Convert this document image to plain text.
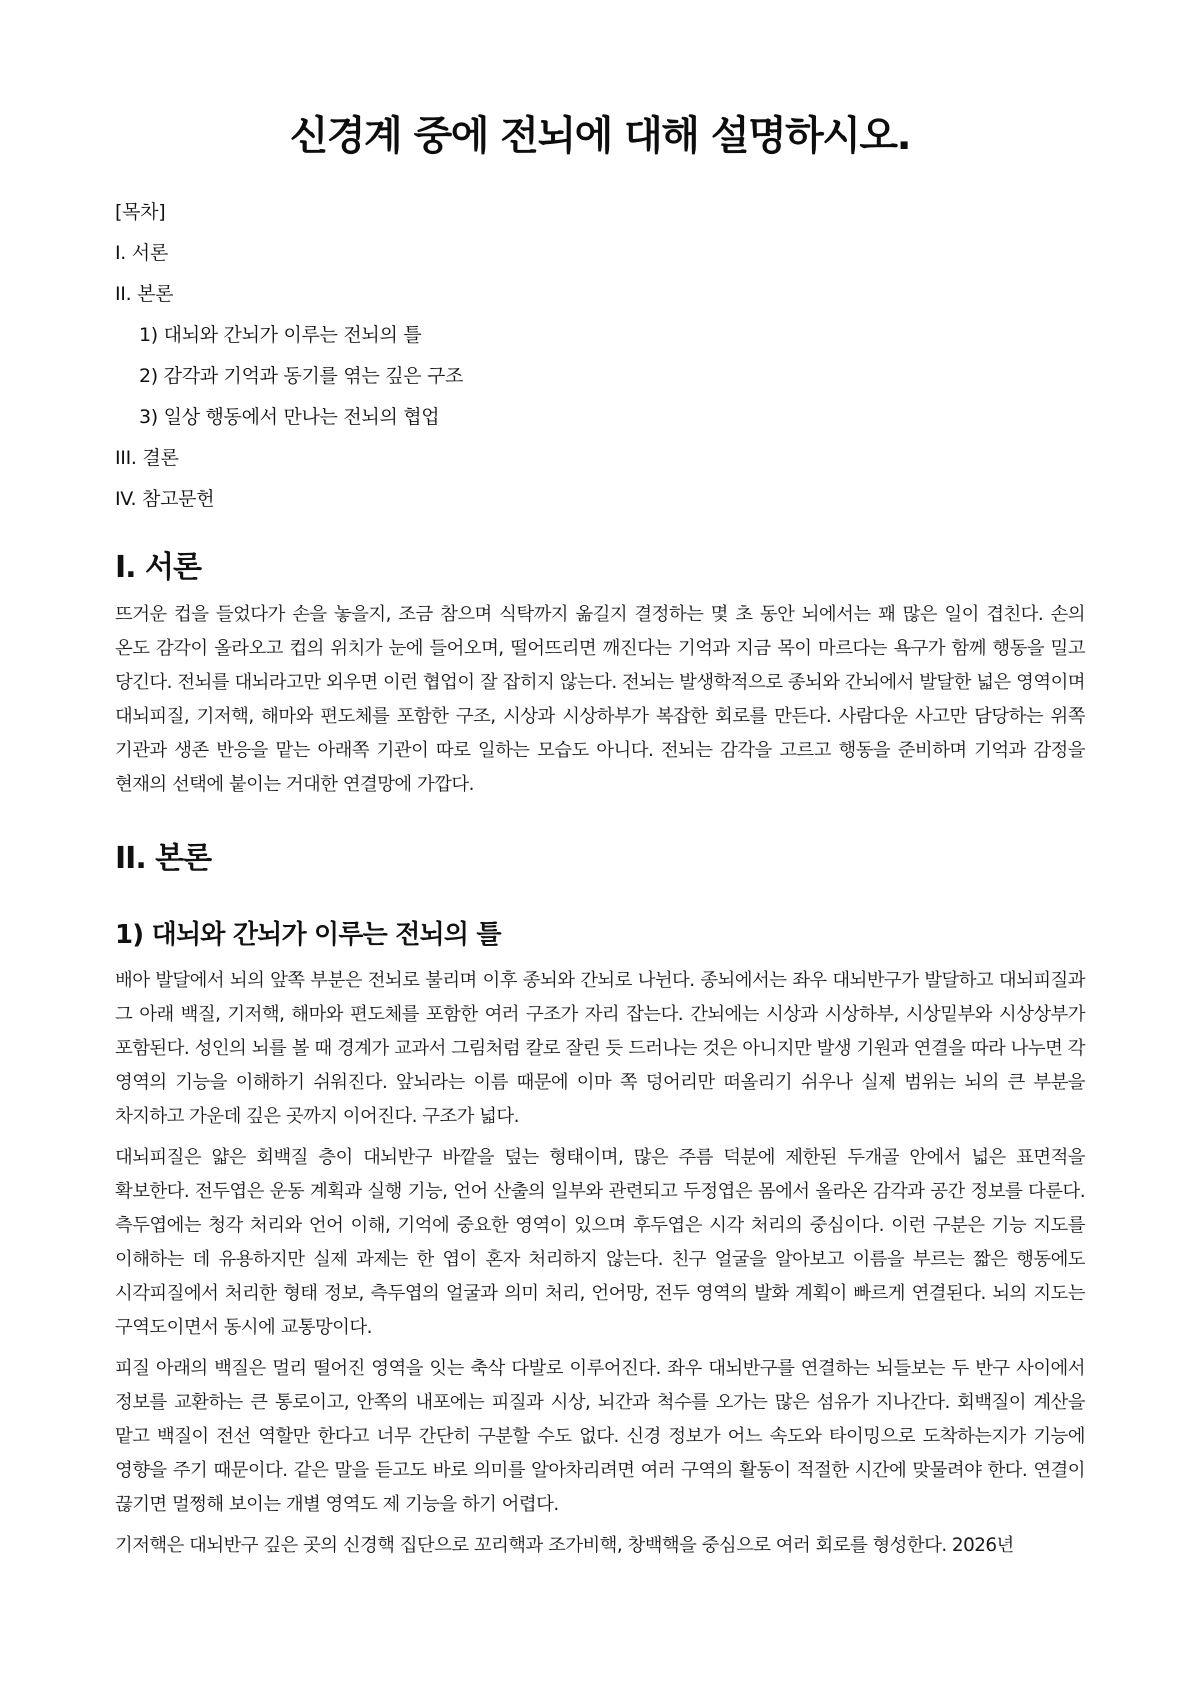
신경계 중에 전뇌에 대해 설명하시오.
[목차]
I. 서론
II. 본론
1) 대뇌와 간뇌가 이루는 전뇌의 틀
2) 감각과 기억과 동기를 엮는 깊은 구조
3) 일상 행동에서 만나는 전뇌의 협업
III. 결론
IV. 참고문헌
I. 서론

뜨거운 컵을 들었다가 손을 놓을지, 조금 참으며 식탁까지 옮길지 결정하는 몇 초 동안 뇌에서는 꽤 많은 일이 겹친다. 손의 온도 감각이 올라오고 컵의 위치가 눈에 들어오며, 떨어뜨리면 깨진다는 기억과 지금 목이 마르다는 욕구가 함께 행동을 밀고 당긴다. 전뇌를 대뇌라고만 외우면 이런 협업이 잘 잡히지 않는다. 전뇌는 발생학적으로 종뇌와 간뇌에서 발달한 넓은 영역이며 대뇌피질, 기저핵, 해마와 편도체를 포함한 구조, 시상과 시상하부가 복잡한 회로를 만든다. 사람다운 사고만 담당하는 위쪽 기관과 생존 반응을 맡는 아래쪽 기관이 따로 일하는 모습도 아니다. 전뇌는 감각을 고르고 행동을 준비하며 기억과 감정을 현재의 선택에 붙이는 거대한 연결망에 가깝다.

II. 본론
1) 대뇌와 간뇌가 이루는 전뇌의 틀

배아 발달에서 뇌의 앞쪽 부분은 전뇌로 불리며 이후 종뇌와 간뇌로 나뉜다. 종뇌에서는 좌우 대뇌반구가 발달하고 대뇌피질과 그 아래 백질, 기저핵, 해마와 편도체를 포함한 여러 구조가 자리 잡는다. 간뇌에는 시상과 시상하부, 시상밑부와 시상상부가 포함된다. 성인의 뇌를 볼 때 경계가 교과서 그림처럼 칼로 잘린 듯 드러나는 것은 아니지만 발생 기원과 연결을 따라 나누면 각 영역의 기능을 이해하기 쉬워진다. 앞뇌라는 이름 때문에 이마 쪽 덩어리만 떠올리기 쉬우나 실제 범위는 뇌의 큰 부분을 차지하고 가운데 깊은 곳까지 이어진다. 구조가 넓다.

대뇌피질은 얇은 회백질 층이 대뇌반구 바깥을 덮는 형태이며, 많은 주름 덕분에 제한된 두개골 안에서 넓은 표면적을 확보한다. 전두엽은 운동 계획과 실행 기능, 언어 산출의 일부와 관련되고 두정엽은 몸에서 올라온 감각과 공간 정보를 다룬다. 측두엽에는 청각 처리와 언어 이해, 기억에 중요한 영역이 있으며 후두엽은 시각 처리의 중심이다. 이런 구분은 기능 지도를 이해하는 데 유용하지만 실제 과제는 한 엽이 혼자 처리하지 않는다. 친구 얼굴을 알아보고 이름을 부르는 짧은 행동에도 시각피질에서 처리한 형태 정보, 측두엽의 얼굴과 의미 처리, 언어망, 전두 영역의 발화 계획이 빠르게 연결된다. 뇌의 지도는 구역도이면서 동시에 교통망이다.

피질 아래의 백질은 멀리 떨어진 영역을 잇는 축삭 다발로 이루어진다. 좌우 대뇌반구를 연결하는 뇌들보는 두 반구 사이에서 정보를 교환하는 큰 통로이고, 안쪽의 내포에는 피질과 시상, 뇌간과 척수를 오가는 많은 섬유가 지나간다. 회백질이 계산을 맡고 백질이 전선 역할만 한다고 너무 간단히 구분할 수도 없다. 신경 정보가 어느 속도와 타이밍으로 도착하는지가 기능에 영향을 주기 때문이다. 같은 말을 듣고도 바로 의미를 알아차리려면 여러 구역의 활동이 적절한 시간에 맞물려야 한다. 연결이 끊기면 멀쩡해 보이는 개별 영역도 제 기능을 하기 어렵다.

기저핵은 대뇌반구 깊은 곳의 신경핵 집단으로 꼬리핵과 조가비핵, 창백핵을 중심으로 여러 회로를 형성한다. 2026년
